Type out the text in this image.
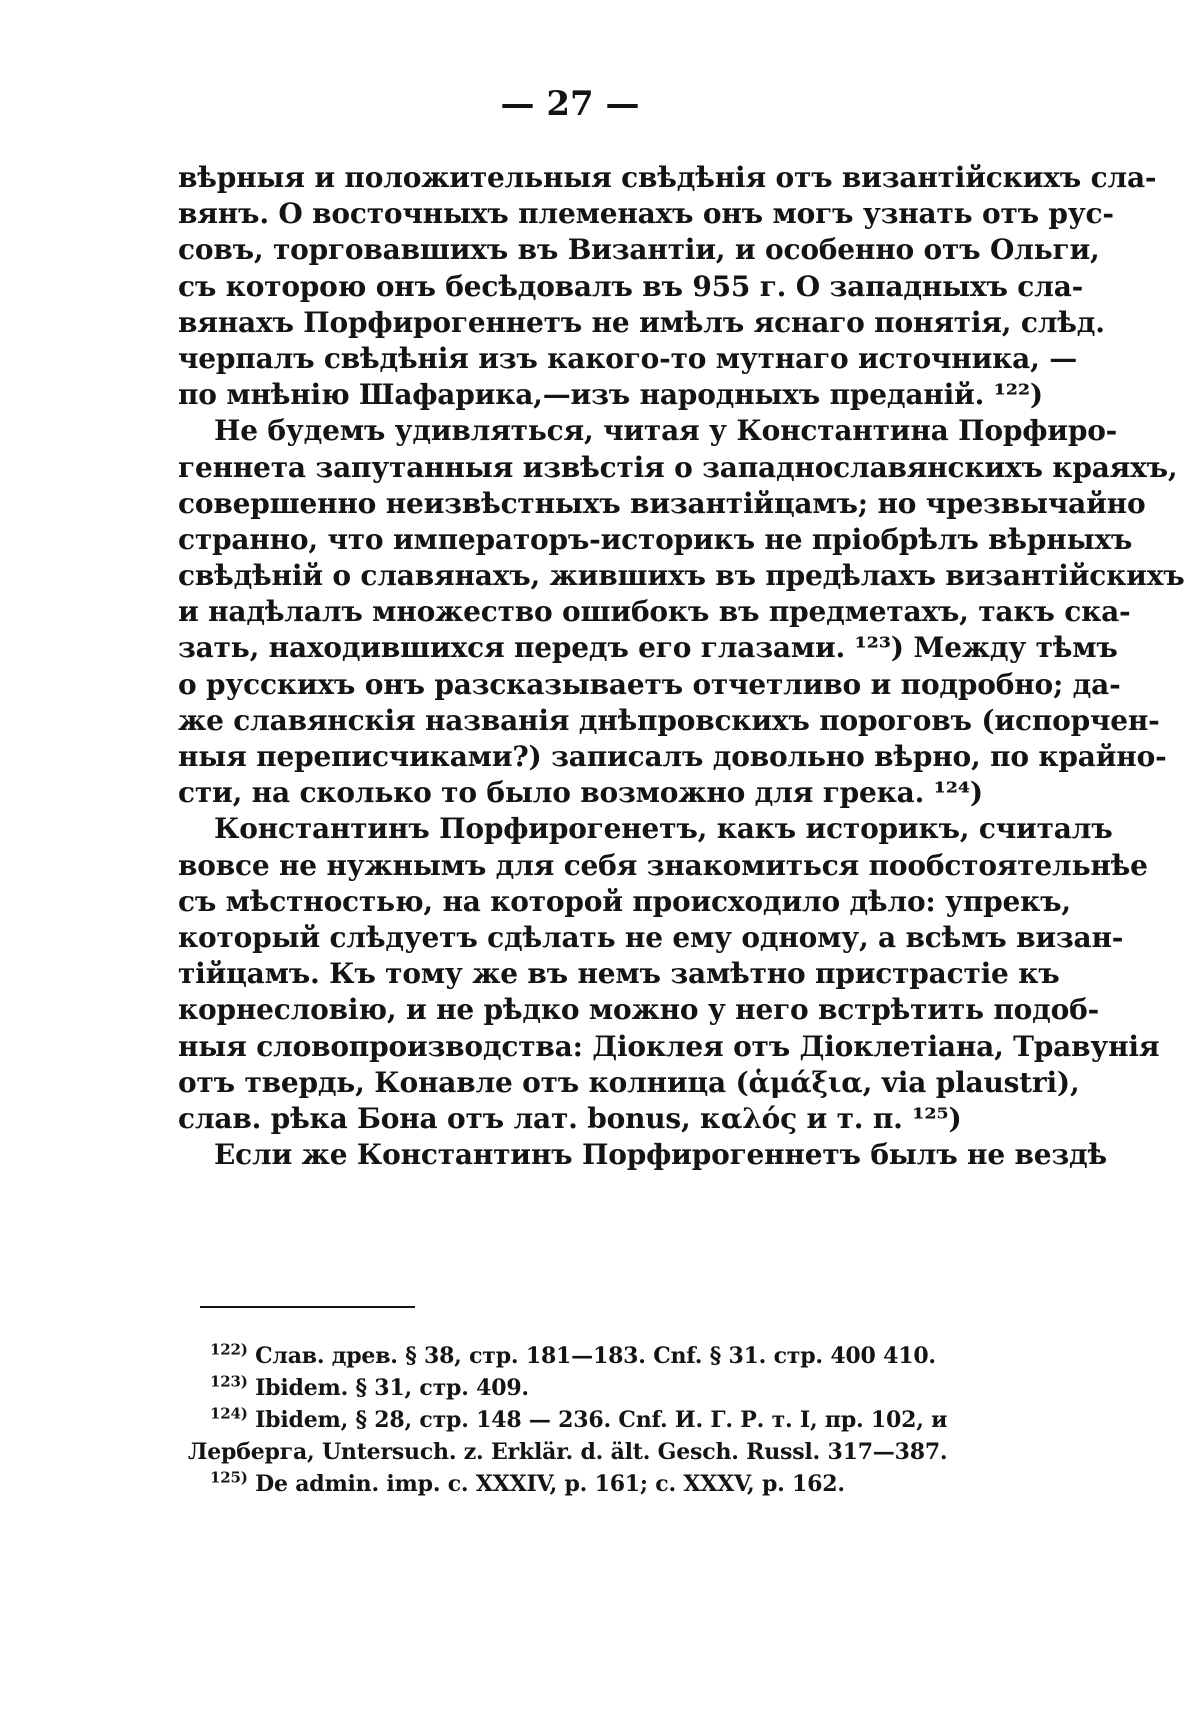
— 27 —
вѣрныя и положительныя свѣдѣнія отъ византійскихъ сла-
вянъ. О восточныхъ племенахъ онъ могъ узнать отъ рус-
совъ, торговавшихъ въ Византіи, и особенно отъ Ольги,
съ которою онъ бесѣдовалъ въ 955 г. О западныхъ сла-
вянахъ Порфирогеннетъ не имѣлъ яснаго понятія, слѣд.
черпалъ свѣдѣнія изъ какого-то мутнаго источника, —
по мнѣнію Шафарика,—изъ народныхъ преданій. ¹²²)
Не будемъ удивляться, читая у Константина Порфиро-
геннета запутанныя извѣстія о западнославянскихъ краяхъ,
совершенно неизвѣстныхъ византійцамъ; но чрезвычайно
странно, что императоръ-историкъ не пріобрѣлъ вѣрныхъ
свѣдѣній о славянахъ, жившихъ въ предѣлахъ византійскихъ
и надѣлалъ множество ошибокъ въ предметахъ, такъ ска-
зать, находившихся передъ его глазами. ¹²³) Между тѣмъ
о русскихъ онъ разсказываетъ отчетливо и подробно; да-
же славянскія названія днѣпровскихъ пороговъ (испорчен-
ныя переписчиками?) записалъ довольно вѣрно, по крайно-
сти, на сколько то было возможно для грека. ¹²⁴)
Константинъ Порфирогенетъ, какъ историкъ, считалъ
вовсе не нужнымъ для себя знакомиться пообстоятельнѣе
съ мѣстностью, на которой происходило дѣло: упрекъ,
который слѣдуетъ сдѣлать не ему одному, а всѣмъ визан-
тійцамъ. Къ тому же въ немъ замѣтно пристрастіе къ
корнесловію, и не рѣдко можно у него встрѣтить подоб-
ныя словопроизводства: Діоклея отъ Діоклетіана, Травунія
отъ твердь, Конавле отъ колница (ἁμάξια, via plaustri),
слав. рѣка Бона отъ лат. bonus, καλός и т. п. ¹²⁵)
Если же Константинъ Порфирогеннетъ былъ не вездѣ
$^{122)}$ Слав. древ. § 38, стр. 181—183. Cnf. § 31. стр. 400 410.
$^{123)}$ Ibidem. § 31, стр. 409.
$^{124)}$ Ibidem, § 28, стр. 148 — 236. Cnf. И. Г. Р. т. I, пр. 102, и
Лерберга, Untersuch. z. Erklär. d. ält. Gesch. Russl. 317—387.
$^{125)}$ De admin. imp. c. XXXIV, p. 161; c. XXXV, p. 162.
